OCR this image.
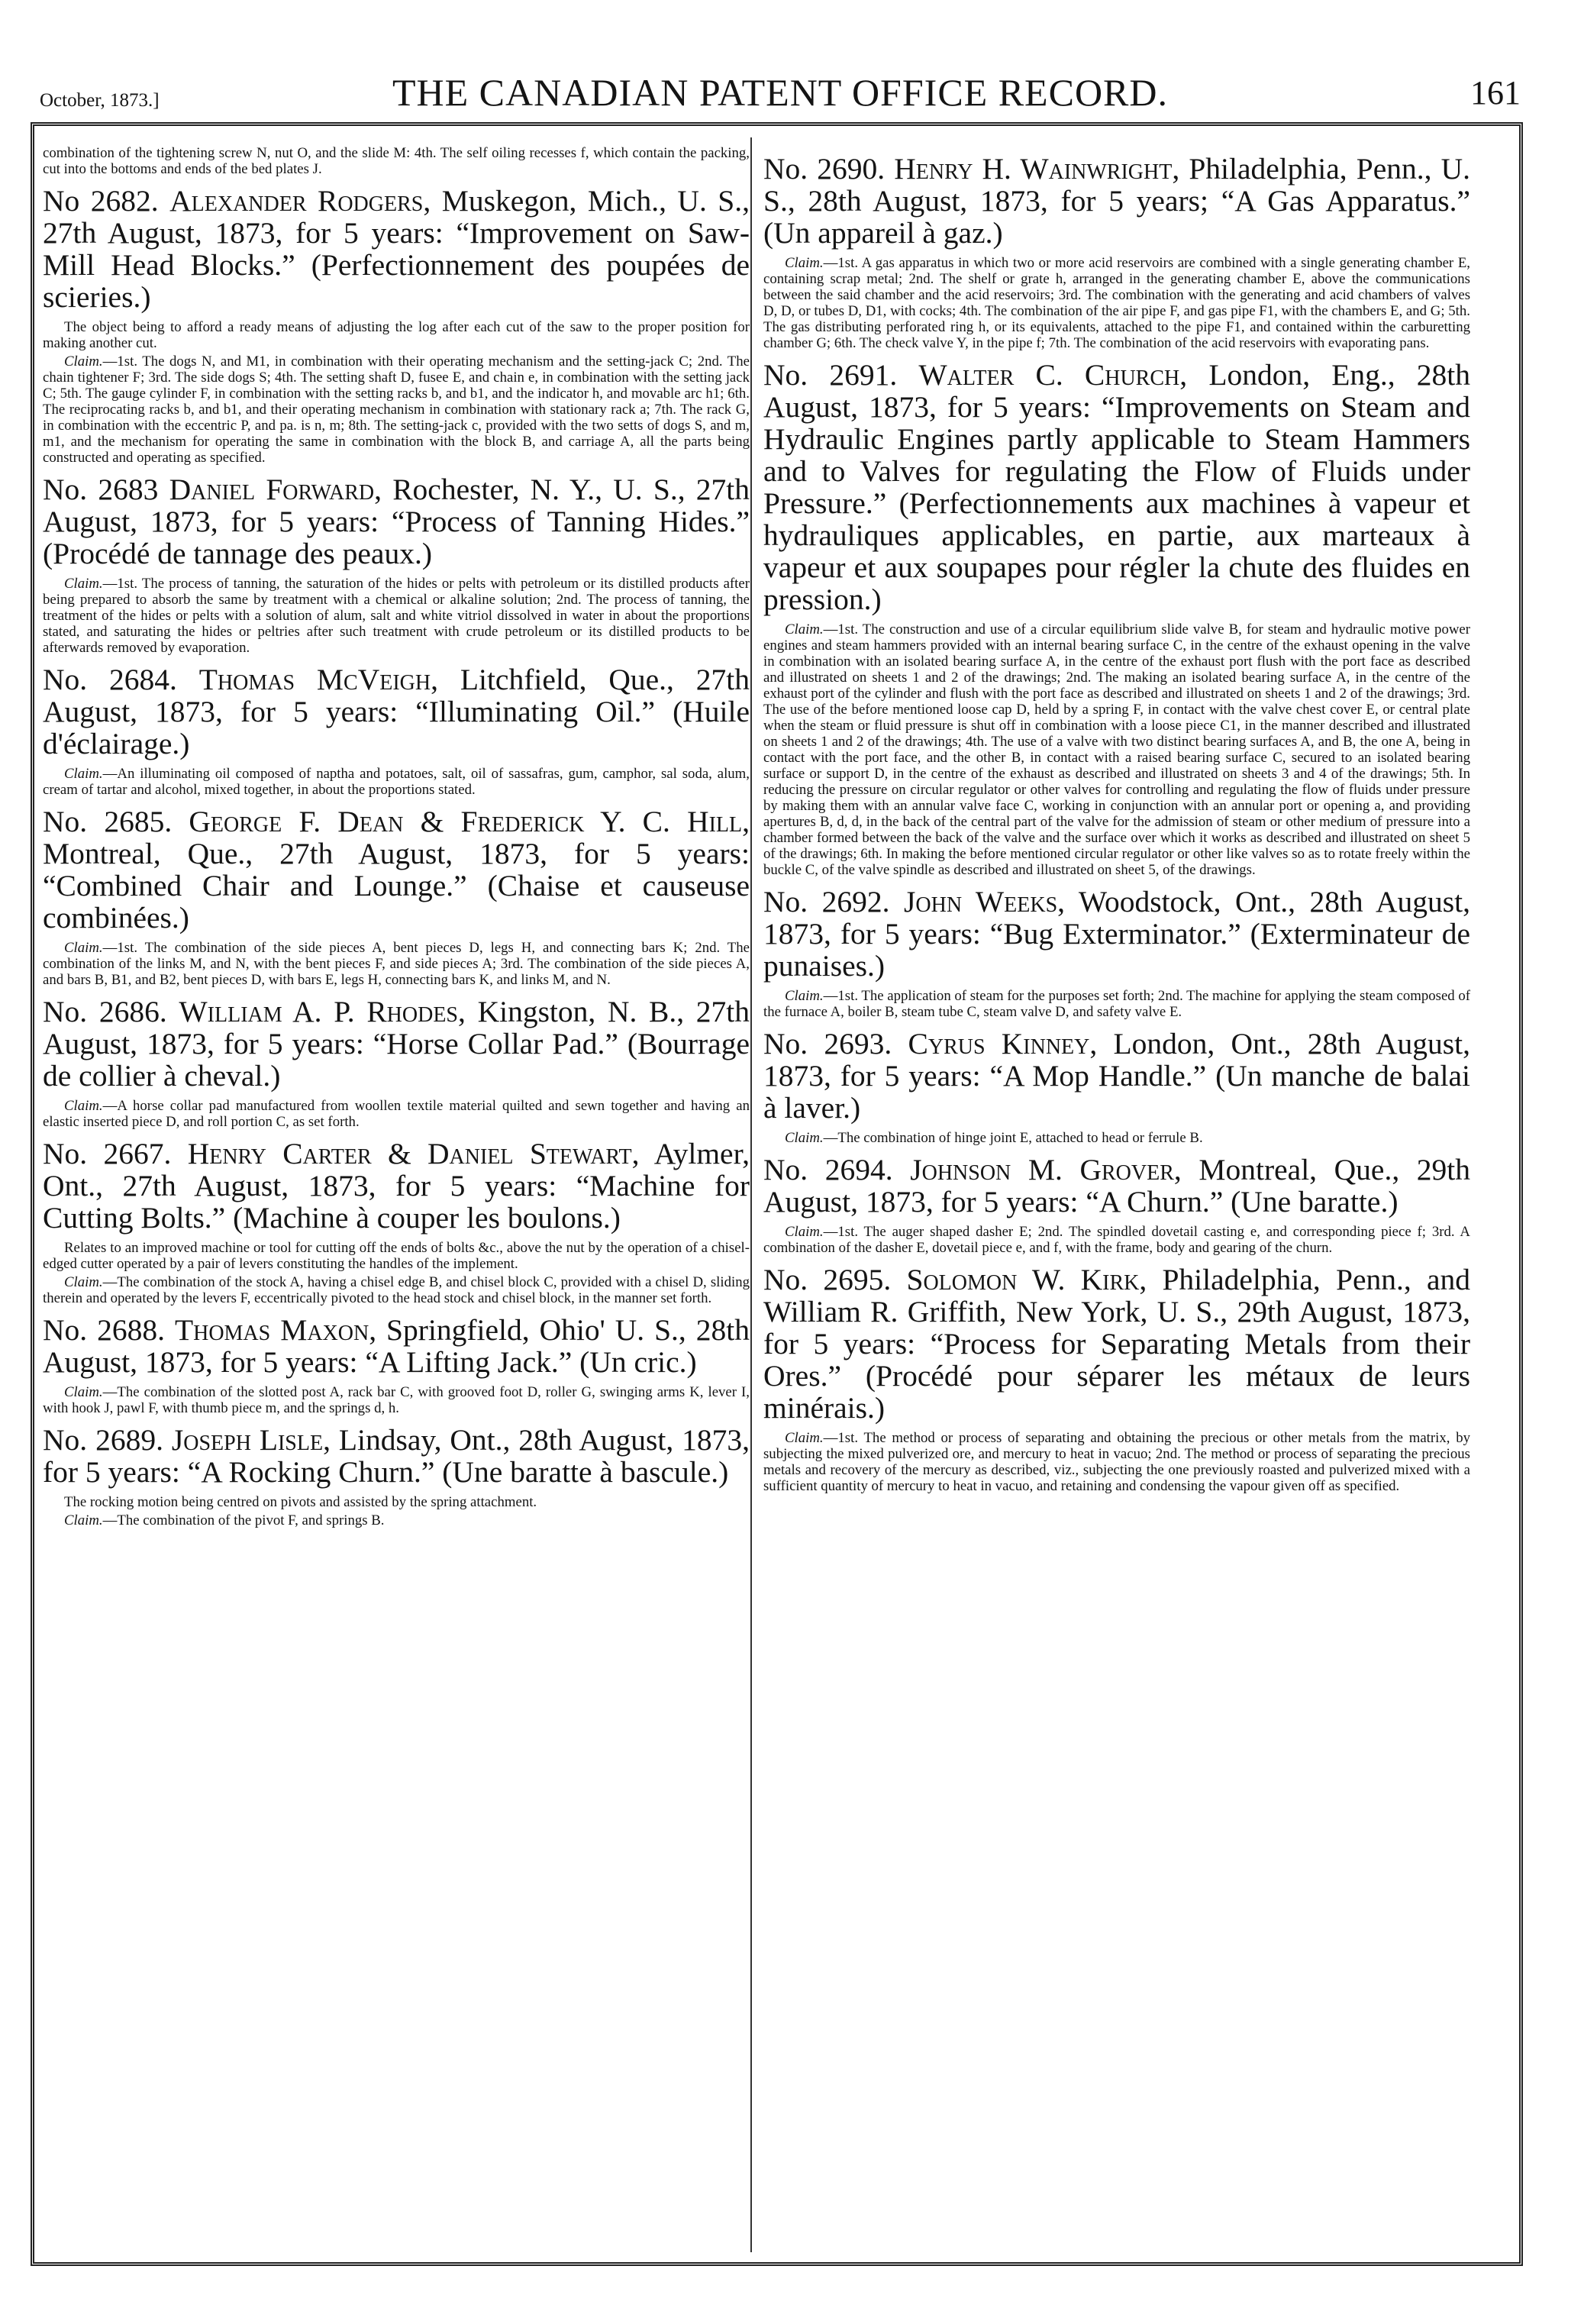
October, 1873.]	THE CANADIAN PATENT OFFICE RECORD.	161

combination of the tightening screw N, nut O, and the slide M: 4th. The self oiling recesses f, which contain the packing, cut into the bottoms and ends of the bed plates J.

No 2682. Alexander Rodgers, Muskegon, Mich., U. S., 27th August, 1873, for 5 years: “Improvement on Saw-Mill Head Blocks.” (Perfectionnement des poupées de scieries.)

The object being to afford a ready means of adjusting the log after each cut of the saw to the proper position for making another cut.

Claim.—1st. The dogs N, and M1, in combination with their operating mechanism and the setting-jack C; 2nd. The chain tightener F; 3rd. The side dogs S; 4th. The setting shaft D, fusee E, and chain e, in combination with the setting jack C; 5th. The gauge cylinder F, in combination with the setting racks b, and b1, and the indicator h, and movable arc h1; 6th. The reciprocating racks b, and b1, and their operating mechanism in combination with stationary rack a; 7th. The rack G, in combination with the eccentric P, and pa. is n, m; 8th. The setting-jack c, provided with the two setts of dogs S, and m, m1, and the mechanism for operating the same in combination with the block B, and carriage A, all the parts being constructed and operating as specified.

No. 2683 Daniel Forward, Rochester, N. Y., U. S., 27th August, 1873, for 5 years: “Process of Tanning Hides.” (Procédé de tannage des peaux.)

Claim.—1st. The process of tanning, the saturation of the hides or pelts with petroleum or its distilled products after being prepared to absorb the same by treatment with a chemical or alkaline solution; 2nd. The process of tanning, the treatment of the hides or pelts with a solution of alum, salt and white vitriol dissolved in water in about the proportions stated, and saturating the hides or peltries after such treatment with crude petroleum or its distilled products to be afterwards removed by evaporation.

No. 2684. Thomas McVeigh, Litchfield, Que., 27th August, 1873, for 5 years: “Illuminating Oil.” (Huile d'éclairage.)

Claim.—An illuminating oil composed of naptha and potatoes, salt, oil of sassafras, gum, camphor, sal soda, alum, cream of tartar and alcohol, mixed together, in about the proportions stated.

No. 2685. George F. Dean & Frederick Y. C. Hill, Montreal, Que., 27th August, 1873, for 5 years: “Combined Chair and Lounge.” (Chaise et causeuse combinées.)

Claim.—1st. The combination of the side pieces A, bent pieces D, legs H, and connecting bars K; 2nd. The combination of the links M, and N, with the bent pieces F, and side pieces A; 3rd. The combination of the side pieces A, and bars B, B1, and B2, bent pieces D, with bars E, legs H, connecting bars K, and links M, and N.

No. 2686. William A. P. Rhodes, Kingston, N. B., 27th August, 1873, for 5 years: “Horse Collar Pad.” (Bourrage de collier à cheval.)

Claim.—A horse collar pad manufactured from woollen textile material quilted and sewn together and having an elastic inserted piece D, and roll portion C, as set forth.

No. 2667. Henry Carter & Daniel Stewart, Aylmer, Ont., 27th August, 1873, for 5 years: “Machine for Cutting Bolts.” (Machine à couper les boulons.)

Relates to an improved machine or tool for cutting off the ends of bolts &c., above the nut by the operation of a chisel-edged cutter operated by a pair of levers constituting the handles of the implement.

Claim.—The combination of the stock A, having a chisel edge B, and chisel block C, provided with a chisel D, sliding therein and operated by the levers F, eccentrically pivoted to the head stock and chisel block, in the manner set forth.

No. 2688. Thomas Maxon, Springfield, Ohio' U. S., 28th August, 1873, for 5 years: “A Lifting Jack.” (Un cric.)

Claim.—The combination of the slotted post A, rack bar C, with grooved foot D, roller G, swinging arms K, lever I, with hook J, pawl F, with thumb piece m, and the springs d, h.

No. 2689. Joseph Lisle, Lindsay, Ont., 28th August, 1873, for 5 years: “A Rocking Churn.” (Une baratte à bascule.)

The rocking motion being centred on pivots and assisted by the spring attachment.

Claim.—The combination of the pivot F, and springs B.

No. 2690. Henry H. Wainwright, Philadelphia, Penn., U. S., 28th August, 1873, for 5 years; “A Gas Apparatus.” (Un appareil à gaz.)

Claim.—1st. A gas apparatus in which two or more acid reservoirs are combined with a single generating chamber E, containing scrap metal; 2nd. The shelf or grate h, arranged in the generating chamber E, above the communications between the said chamber and the acid reservoirs; 3rd. The combination with the generating and acid chambers of valves D, D, or tubes D, D1, with cocks; 4th. The combination of the air pipe F, and gas pipe F1, with the chambers E, and G; 5th. The gas distributing perforated ring h, or its equivalents, attached to the pipe F1, and contained within the carburetting chamber G; 6th. The check valve Y, in the pipe f; 7th. The combination of the acid reservoirs with evaporating pans.

No. 2691. Walter C. Church, London, Eng., 28th August, 1873, for 5 years: “Improvements on Steam and Hydraulic Engines partly applicable to Steam Hammers and to Valves for regulating the Flow of Fluids under Pressure.” (Perfectionnements aux machines à vapeur et hydrauliques applicables, en partie, aux marteaux à vapeur et aux soupapes pour régler la chute des fluides en pression.)

Claim.—1st. The construction and use of a circular equilibrium slide valve B, for steam and hydraulic motive power engines and steam hammers provided with an internal bearing surface C, in the centre of the exhaust opening in the valve in combination with an isolated bearing surface A, in the centre of the exhaust port flush with the port face as described and illustrated on sheets 1 and 2 of the drawings; 2nd. The making an isolated bearing surface A, in the centre of the exhaust port of the cylinder and flush with the port face as described and illustrated on sheets 1 and 2 of the drawings; 3rd. The use of the before mentioned loose cap D, held by a spring F, in contact with the valve chest cover E, or central plate when the steam or fluid pressure is shut off in combination with a loose piece C1, in the manner described and illustrated on sheets 1 and 2 of the drawings; 4th. The use of a valve with two distinct bearing surfaces A, and B, the one A, being in contact with the port face, and the other B, in contact with a raised bearing surface C, secured to an isolated bearing surface or support D, in the centre of the exhaust as described and illustrated on sheets 3 and 4 of the drawings; 5th. In reducing the pressure on circular regulator or other valves for controlling and regulating the flow of fluids under pressure by making them with an annular valve face C, working in conjunction with an annular port or opening a, and providing apertures B, d, d, in the back of the central part of the valve for the admission of steam or other medium of pressure into a chamber formed between the back of the valve and the surface over which it works as described and illustrated on sheet 5 of the drawings; 6th. In making the before mentioned circular regulator or other like valves so as to rotate freely within the buckle C, of the valve spindle as described and illustrated on sheet 5, of the drawings.

No. 2692. John Weeks, Woodstock, Ont., 28th August, 1873, for 5 years: “Bug Exterminator.” (Exterminateur de punaises.)

Claim.—1st. The application of steam for the purposes set forth; 2nd. The machine for applying the steam composed of the furnace A, boiler B, steam tube C, steam valve D, and safety valve E.

No. 2693. Cyrus Kinney, London, Ont., 28th August, 1873, for 5 years: “A Mop Handle.” (Un manche de balai à laver.)

Claim.—The combination of hinge joint E, attached to head or ferrule B.

No. 2694. Johnson M. Grover, Montreal, Que., 29th August, 1873, for 5 years: “A Churn.” (Une baratte.)

Claim.—1st. The auger shaped dasher E; 2nd. The spindled dovetail casting e, and corresponding piece f; 3rd. A combination of the dasher E, dovetail piece e, and f, with the frame, body and gearing of the churn.

No. 2695. Solomon W. Kirk, Philadelphia, Penn., and William R. Griffith, New York, U. S., 29th August, 1873, for 5 years: “Process for Separating Metals from their Ores.” (Procédé pour séparer les métaux de leurs minérais.)

Claim.—1st. The method or process of separating and obtaining the precious or other metals from the matrix, by subjecting the mixed pulverized ore, and mercury to heat in vacuo; 2nd. The method or process of separating the precious metals and recovery of the mercury as described, viz., subjecting the one previously roasted and pulverized mixed with a sufficient quantity of mercury to heat in vacuo, and retaining and condensing the vapour given off as specified.
